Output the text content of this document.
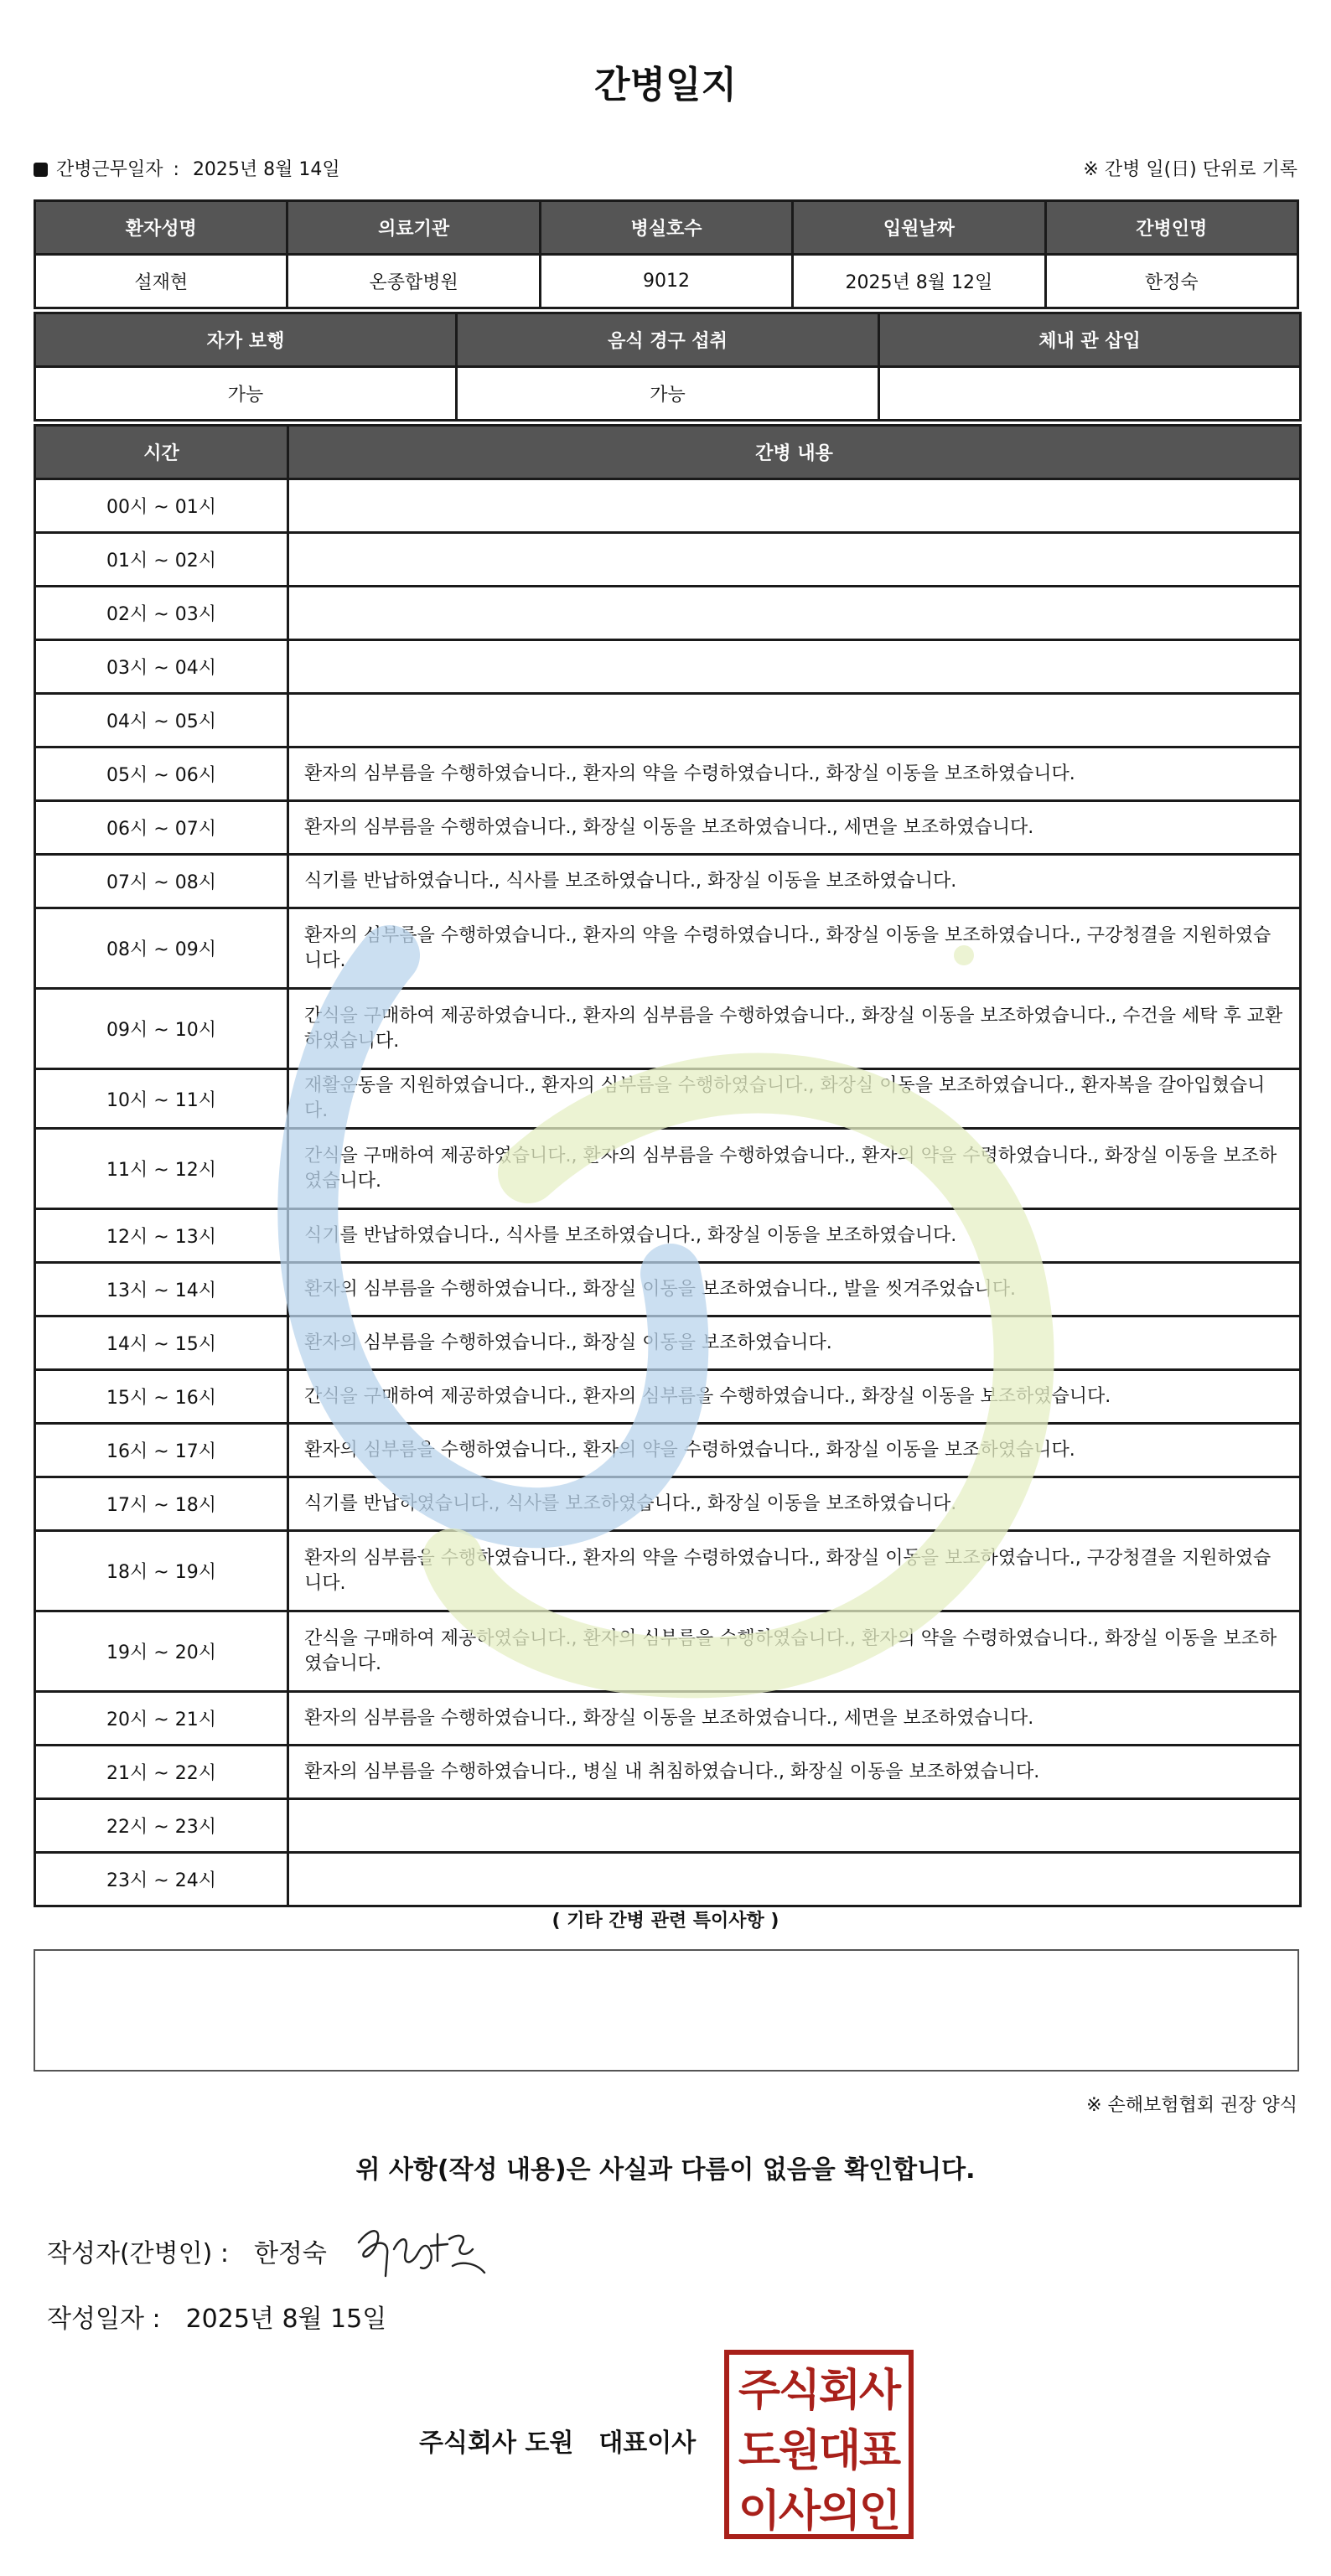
간병일지
간병근무일자 : 2025년 8월 14일	※ 간병 일(日) 단위로 기록
환자성명	의료기관	병실호수	입원날짜	간병인명
설재현	온종합병원	9012	2025년 8월 12일	한정숙
자가 보행	음식 경구 섭취	체내 관 삽입
가능	가능	
시간	간병 내용
00시 ~ 01시	
01시 ~ 02시	
02시 ~ 03시	
03시 ~ 04시	
04시 ~ 05시	
05시 ~ 06시	환자의 심부름을 수행하였습니다., 환자의 약을 수령하였습니다., 화장실 이동을 보조하였습니다.
06시 ~ 07시	환자의 심부름을 수행하였습니다., 화장실 이동을 보조하였습니다., 세면을 보조하였습니다.
07시 ~ 08시	식기를 반납하였습니다., 식사를 보조하였습니다., 화장실 이동을 보조하였습니다.
08시 ~ 09시	환자의 심부름을 수행하였습니다., 환자의 약을 수령하였습니다., 화장실 이동을 보조하였습니다., 구강청결을 지원하였습니다.
09시 ~ 10시	간식을 구매하여 제공하였습니다., 환자의 심부름을 수행하였습니다., 화장실 이동을 보조하였습니다., 수건을 세탁 후 교환하였습니다.
10시 ~ 11시	재활운동을 지원하였습니다., 환자의 심부름을 수행하였습니다., 화장실 이동을 보조하였습니다., 환자복을 갈아입혔습니다.
11시 ~ 12시	간식을 구매하여 제공하였습니다., 환자의 심부름을 수행하였습니다., 환자의 약을 수령하였습니다., 화장실 이동을 보조하였습니다.
12시 ~ 13시	식기를 반납하였습니다., 식사를 보조하였습니다., 화장실 이동을 보조하였습니다.
13시 ~ 14시	환자의 심부름을 수행하였습니다., 화장실 이동을 보조하였습니다., 발을 씻겨주었습니다.
14시 ~ 15시	환자의 심부름을 수행하였습니다., 화장실 이동을 보조하였습니다.
15시 ~ 16시	간식을 구매하여 제공하였습니다., 환자의 심부름을 수행하였습니다., 화장실 이동을 보조하였습니다.
16시 ~ 17시	환자의 심부름을 수행하였습니다., 환자의 약을 수령하였습니다., 화장실 이동을 보조하였습니다.
17시 ~ 18시	식기를 반납하였습니다., 식사를 보조하였습니다., 화장실 이동을 보조하였습니다.
18시 ~ 19시	환자의 심부름을 수행하였습니다., 환자의 약을 수령하였습니다., 화장실 이동을 보조하였습니다., 구강청결을 지원하였습니다.
19시 ~ 20시	간식을 구매하여 제공하였습니다., 환자의 심부름을 수행하였습니다., 환자의 약을 수령하였습니다., 화장실 이동을 보조하였습니다.
20시 ~ 21시	환자의 심부름을 수행하였습니다., 화장실 이동을 보조하였습니다., 세면을 보조하였습니다.
21시 ~ 22시	환자의 심부름을 수행하였습니다., 병실 내 취침하였습니다., 화장실 이동을 보조하였습니다.
22시 ~ 23시	
23시 ~ 24시	
( 기타 간병 관련 특이사항 )
※ 손해보험협회 권장 양식
위 사항(작성 내용)은 사실과 다름이 없음을 확인합니다.
작성자(간병인) : 한정숙
작성일자 : 2025년 8월 15일
주식회사 도원 대표이사
주
식
회
사
도
원
대
표
이
사
의
인
